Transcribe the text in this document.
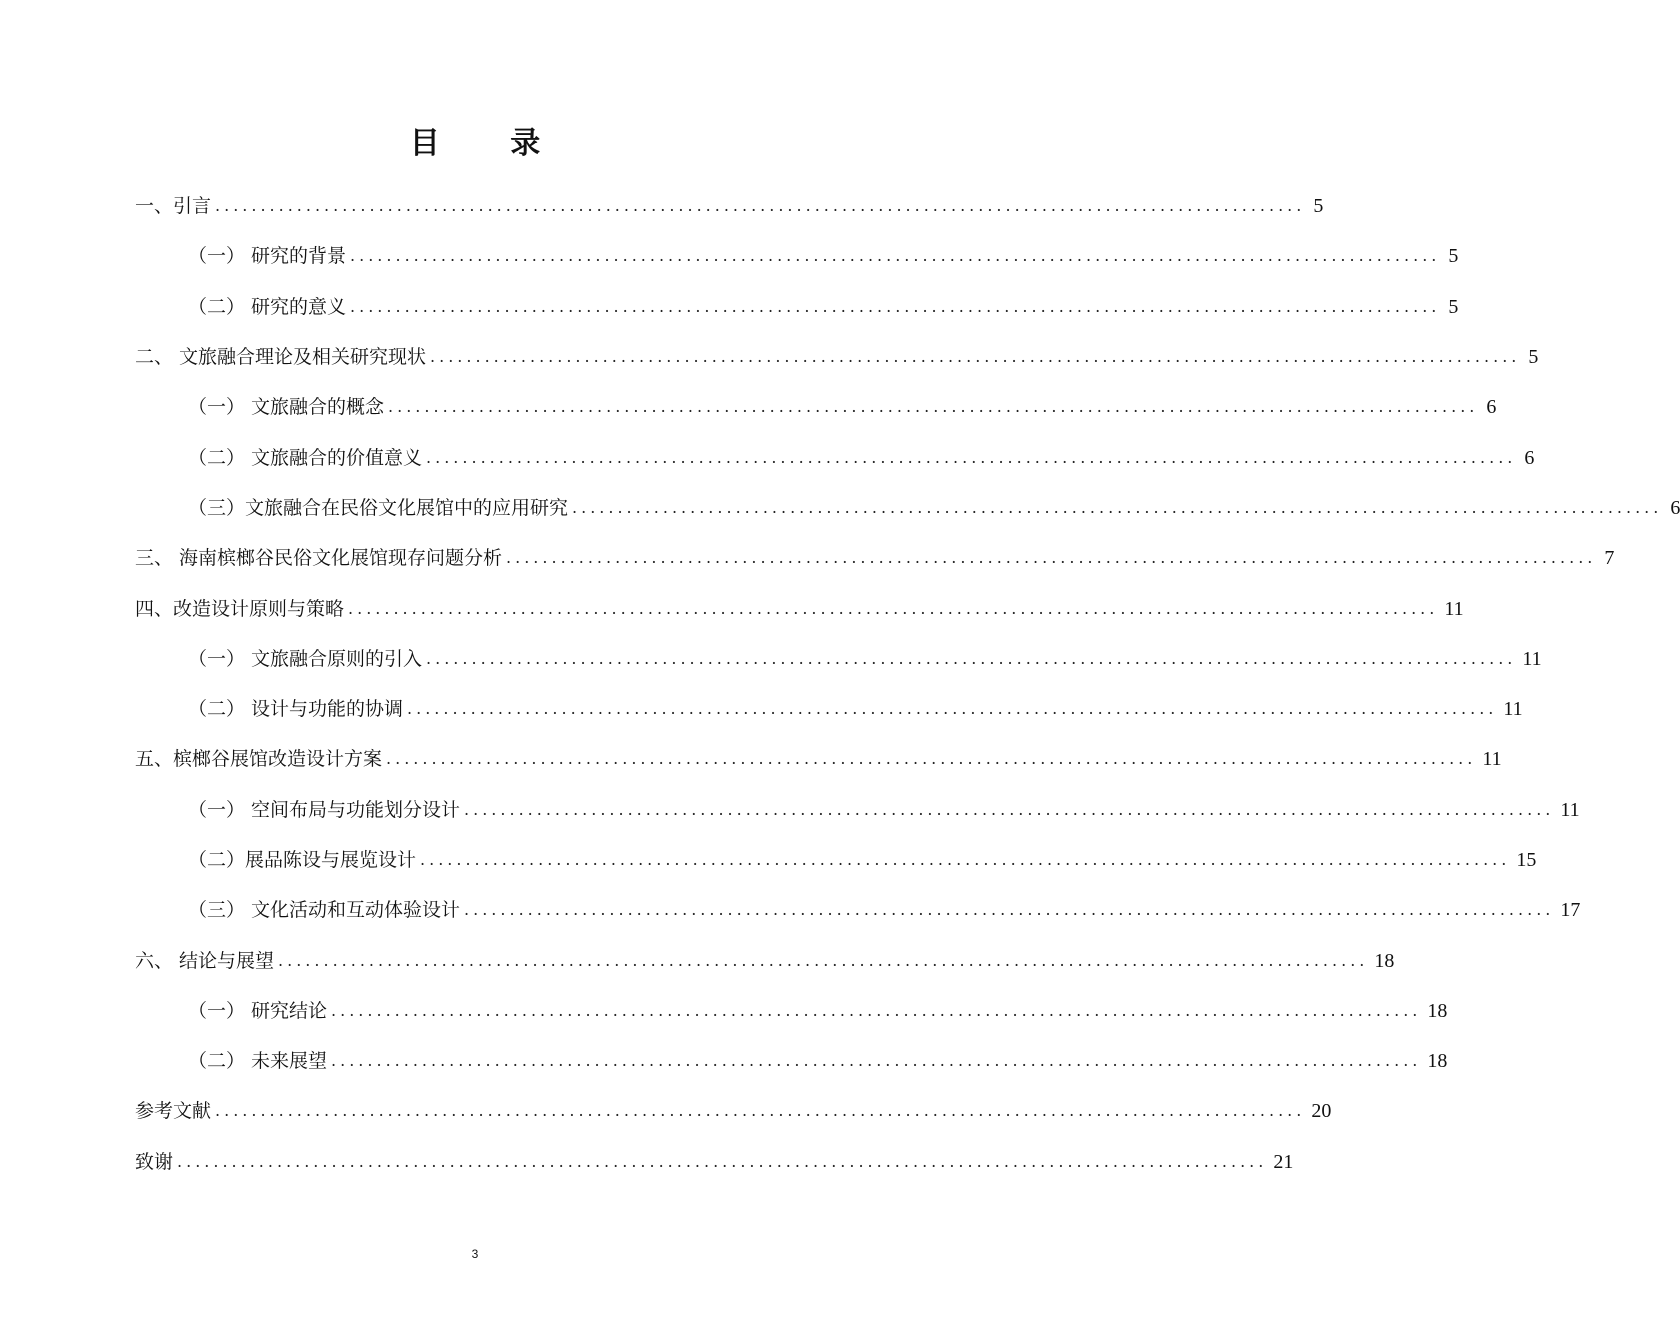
目 录
一、引言 ........................................................................................................................ 5
（一） 研究的背景 ........................................................................................................................ 5
（二） 研究的意义 ........................................................................................................................ 5
二、 文旅融合理论及相关研究现状 ........................................................................................................................ 5
（一） 文旅融合的概念 ........................................................................................................................ 6
（二） 文旅融合的价值意义 ........................................................................................................................ 6
（三）文旅融合在民俗文化展馆中的应用研究 ........................................................................................................................ 6
三、 海南槟榔谷民俗文化展馆现存问题分析 ........................................................................................................................ 7
四、改造设计原则与策略 ........................................................................................................................ 11
（一） 文旅融合原则的引入 ........................................................................................................................ 11
（二） 设计与功能的协调 ........................................................................................................................ 11
五、槟榔谷展馆改造设计方案 ........................................................................................................................ 11
（一） 空间布局与功能划分设计 ........................................................................................................................ 11
（二）展品陈设与展览设计 ........................................................................................................................ 15
（三） 文化活动和互动体验设计 ........................................................................................................................ 17
六、 结论与展望 ........................................................................................................................ 18
（一） 研究结论 ........................................................................................................................ 18
（二） 未来展望 ........................................................................................................................ 18
参考文献 ........................................................................................................................ 20
致谢 ........................................................................................................................ 21
3
